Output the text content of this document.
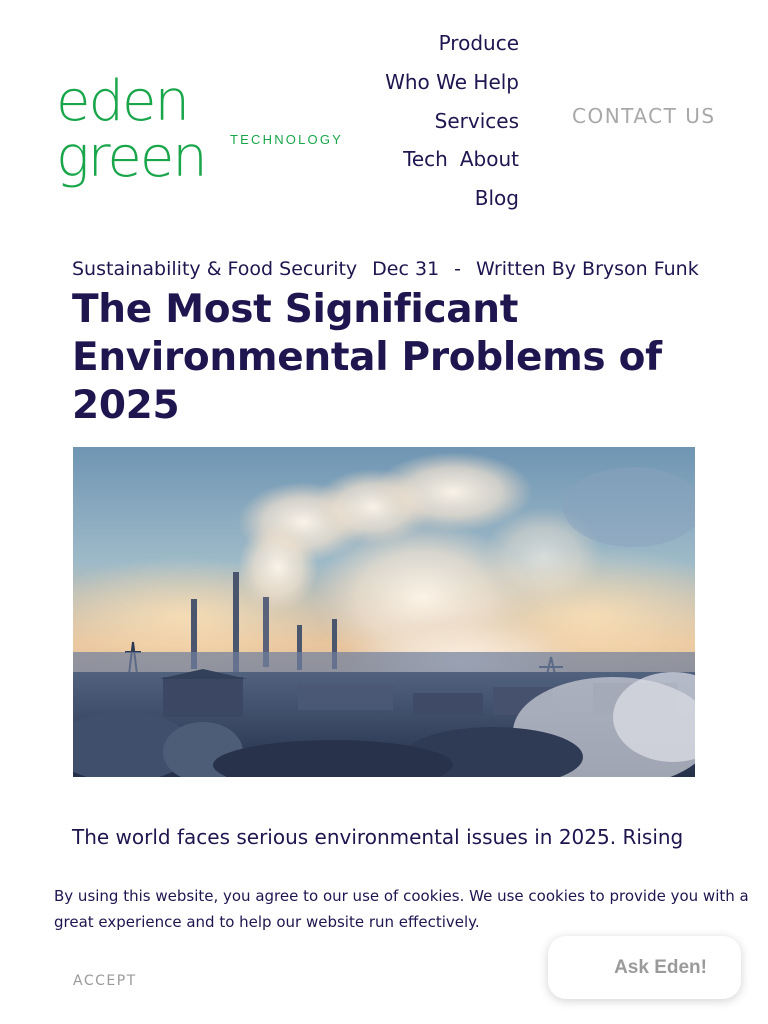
eden green	TECHNOLOGY
Produce
Who We Help
Services
Tech About
Blog
CONTACT US
Sustainability & Food Security Dec 31 - Written By Bryson Funk
The Most Significant Environmental Problems of 2025

The world faces serious environmental issues in 2025. Rising

By using this website, you agree to our use of cookies. We use cookies to provide you with a great experience and to help our website run effectively.

ACCEPT
Ask Eden!
